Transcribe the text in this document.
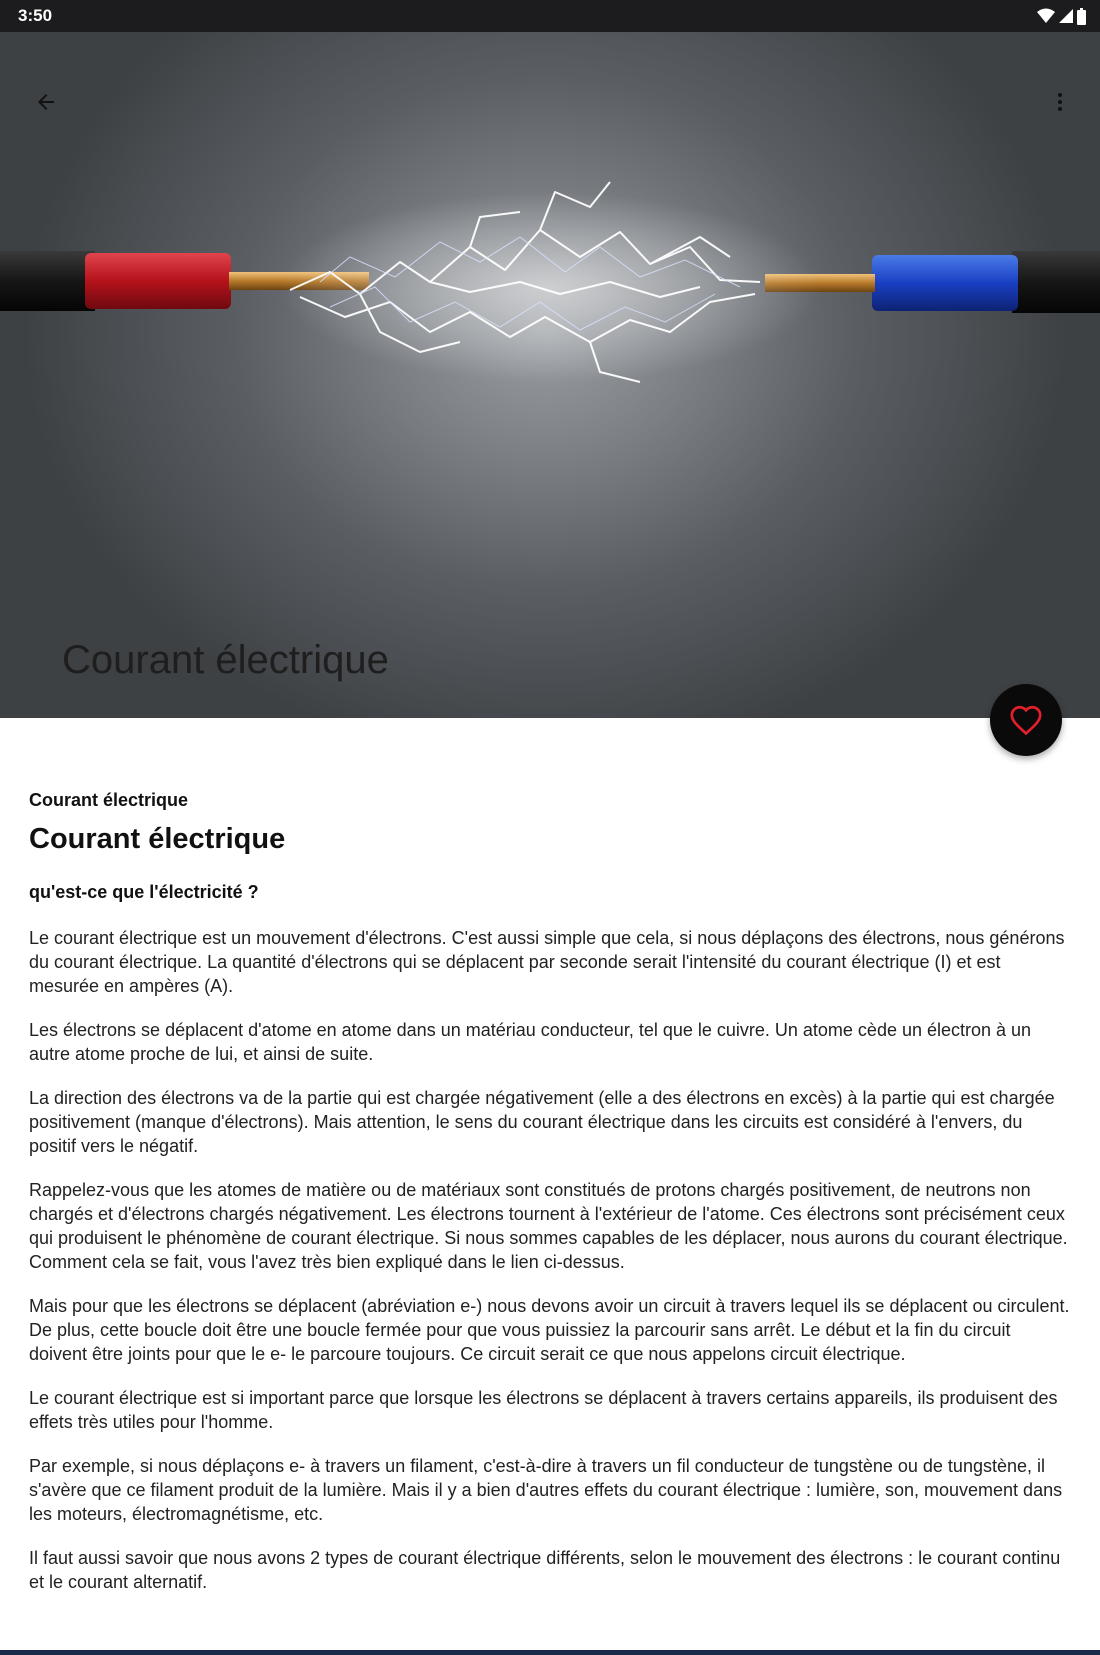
3:50
Courant électrique
Courant électrique
Courant électrique
qu'est-ce que l'électricité ?

Le courant électrique est un mouvement d'électrons. C'est aussi simple que cela, si nous déplaçons des électrons, nous générons du courant électrique. La quantité d'électrons qui se déplacent par seconde serait l'intensité du courant électrique (I) et est mesurée en ampères (A).

Les électrons se déplacent d'atome en atome dans un matériau conducteur, tel que le cuivre. Un atome cède un électron à un autre atome proche de lui, et ainsi de suite.

La direction des électrons va de la partie qui est chargée négativement (elle a des électrons en excès) à la partie qui est chargée positivement (manque d'électrons). Mais attention, le sens du courant électrique dans les circuits est considéré à l'envers, du positif vers le négatif.

Rappelez-vous que les atomes de matière ou de matériaux sont constitués de protons chargés positivement, de neutrons non chargés et d'électrons chargés négativement. Les électrons tournent à l'extérieur de l'atome. Ces électrons sont précisément ceux qui produisent le phénomène de courant électrique. Si nous sommes capables de les déplacer, nous aurons du courant électrique. Comment cela se fait, vous l'avez très bien expliqué dans le lien ci-dessus.

Mais pour que les électrons se déplacent (abréviation e-) nous devons avoir un circuit à travers lequel ils se déplacent ou circulent. De plus, cette boucle doit être une boucle fermée pour que vous puissiez la parcourir sans arrêt. Le début et la fin du circuit doivent être joints pour que le e- le parcoure toujours. Ce circuit serait ce que nous appelons circuit électrique.

Le courant électrique est si important parce que lorsque les électrons se déplacent à travers certains appareils, ils produisent des effets très utiles pour l'homme.

Par exemple, si nous déplaçons e- à travers un filament, c'est-à-dire à travers un fil conducteur de tungstène ou de tungstène, il s'avère que ce filament produit de la lumière. Mais il y a bien d'autres effets du courant électrique : lumière, son, mouvement dans les moteurs, électromagnétisme, etc.

Il faut aussi savoir que nous avons 2 types de courant électrique différents, selon le mouvement des électrons : le courant continu et le courant alternatif.
